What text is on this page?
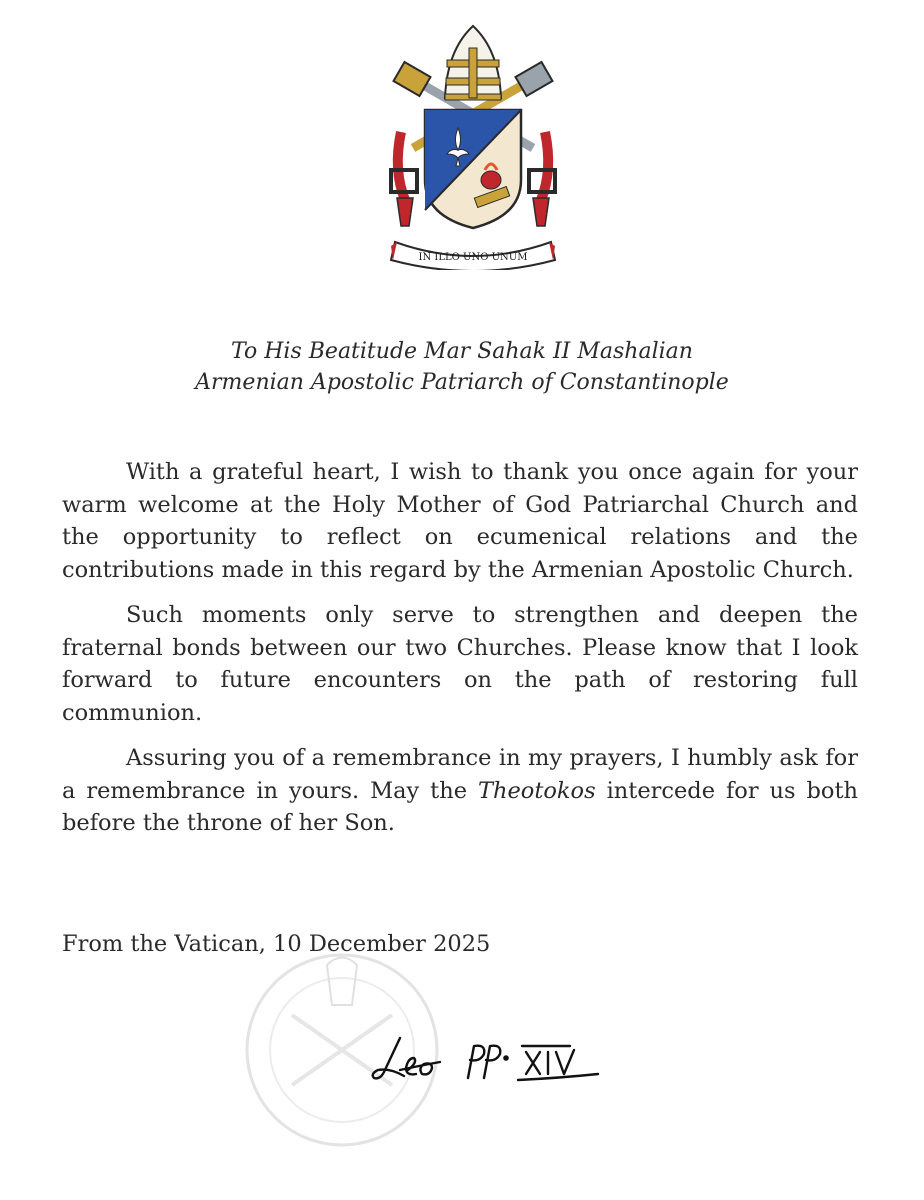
IN ILLO UNO UNUM
To His Beatitude Mar Sahak II Mashalian
Armenian Apostolic Patriarch of Constantinople

With a grateful heart, I wish to thank you once again for your warm welcome at the Holy Mother of God Patriarchal Church and the opportunity to reflect on ecumenical relations and the contributions made in this regard by the Armenian Apostolic Church.

Such moments only serve to strengthen and deepen the fraternal bonds between our two Churches. Please know that I look forward to future encounters on the path of restoring full communion.

Assuring you of a remembrance in my prayers, I humbly ask for a remembrance in yours. May the Theotokos intercede for us both before the throne of her Son.

From the Vatican, 10 December 2025
